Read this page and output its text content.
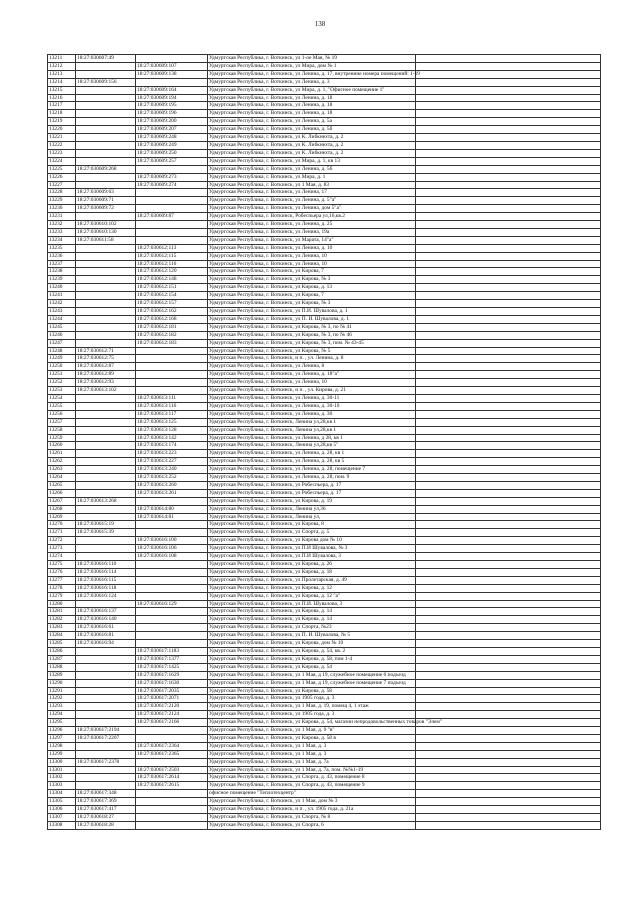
138
13211	18:27:030607:49		Удмуртская Республика, г. Воткинск, ул 1-ое Мая, № 19	
13212		18:27:030609:107	Удмуртская Республика, г. Воткинск, ул Мира, дом № 1	
13213		18:27:030609:138	Удмуртская Республика, г. Воткинск, ул Ленина, д. 17, внутренние номера помещений: 1-19	
13214	18:27:030609:156		Удмуртская Республика, г. Воткинск, ул Ленина, д. 3	
13215		18:27:030609:164	Удмуртская Республика, г. Воткинск, ул Мира, д. 1, "Офисное помещение 1"	
13216		18:27:030609:194	Удмуртская Республика, г. Воткинск, ул Ленина, д. 18	
13217		18:27:030609:195	Удмуртская Республика, г. Воткинск, ул Ленина, д. 18	
13218		18:27:030609:196	Удмуртская Республика, г. Воткинск, ул Ленина, д. 18	
13219		18:27:030609:200	Удмуртская Республика, г. Воткинск, ул Ленина, д. 5а	
13220		18:27:030609:207	Удмуртская Республика, г. Воткинск, ул Ленина, д. 5б	
13221		18:27:030609:248	Удмуртская Республика, г. Воткинск, ул К. Либкнехта, д. 2	
13222		18:27:030609:249	Удмуртская Республика, г. Воткинск, ул К. Либкнехта, д. 2	
13223		18:27:030609:250	Удмуртская Республика, г. Воткинск, ул К. Либкнехта, д. 2	
13224		18:27:030609:257	Удмуртская Республика, г. Воткинск, ул Мира, д. 1, кв 13	
13225	18:27:030609:268		Удмуртская Республика, г. Воткинск, ул Ленина, д. 5б	
13226		18:27:030609:273	Удмуртская Республика, г. Воткинск, ул Мира, д. 1	
13227		18:27:030609:274	Удмуртская Республика, г. Воткинск, ул 1 Мая, д. 83	
13228	18:27:030609:63		Удмуртская Республика, г. Воткинск, ул Ленина, 17	
13229	18:27:030609:71		Удмуртская Республика, г. Воткинск, ул Ленина, д. 5"а"	
13230	18:27:030609:72		Удмуртская Республика, г. Воткинск, ул Ленина, дом 5"а"	
13231		18:27:030609:87	Удмуртская Республика, г. Воткинск, Робеспьера ул,16,кв.2	
13232	18:27:030610:102		Удмуртская Республика, г. Воткинск, ул Ленина, д. 25	
13233	18:27:030610:130		Удмуртская Республика, г. Воткинск, ул Ленина, 19а	
13234	18:27:030611:58		Удмуртская Республика, г. Воткинск, ул Марата, 14"а"	
13235		18:27:030612:113	Удмуртская Республика, г. Воткинск, ул Ленина, д. 10	
13236		18:27:030612:115	Удмуртская Республика, г. Воткинск, ул Ленина, 10	
13237		18:27:030612:116	Удмуртская Республика, г. Воткинск, ул Ленина, 10	
13238		18:27:030612:120	Удмуртская Республика, г. Воткинск, ул Кирова, 7	
13239		18:27:030612:148	Удмуртская Республика, г. Воткинск, ул Кирова, № 3	
13240		18:27:030612:151	Удмуртская Республика, г. Воткинск, ул Кирова, д. 13	
13241		18:27:030612:154	Удмуртская Республика, г. Воткинск, ул Кирова, 7	
13242		18:27:030612:157	Удмуртская Республика, г. Воткинск, ул Кирова, № 3	
13243		18:27:030612:162	Удмуртская Республика, г. Воткинск, ул П.И. Шувалова, д. 1	
13244		18:27:030612:168	Удмуртская Республика, г. Воткинск, ул П. И. Шувалова, д. 1	
13245		18:27:030612:181	Удмуртская Республика, г. Воткинск, ул Кирова, № 3, по № 41	
13246		18:27:030612:182	Удмуртская Республика, г. Воткинск, ул Кирова, № 3, по № 46	
13247		18:27:030612:183	Удмуртская Республика, г. Воткинск, ул Кирова, № 3, пом. № 43-45	
13248	18:27:030612:71		Удмуртская Республика, г. Воткинск, ул Кирова, № 5	
13249	18:27:030612:75		Удмуртская Республика, г. Воткинск, и п. , ул. Ленина, д. 8	
13250	18:27:030612:87		Удмуртская Республика, г. Воткинск, ул Ленина, 8	
13251	18:27:030612:89		Удмуртская Республика, г. Воткинск, ул Ленина, д. 18"а"	
13252	18:27:030612:93		Удмуртская Республика, г. Воткинск, ул Ленина, 10	
13253	18:27:030613:102		Удмуртская Республика, г. Воткинск, и п. , ул. Кирова, д. 21	
13254		18:27:030613:111	Удмуртская Республика, г. Воткинск, ул Ленина, д. 30-11	
13255		18:27:030613:116	Удмуртская Республика, г. Воткинск, ул Ленина, д. 30-10	
13256		18:27:030613:117	Удмуртская Республика, г. Воткинск, ул Ленина, д. 30	
13257		18:27:030613:125	Удмуртская Республика, г. Воткинск, Ленина ул,28,кв 1	
13258		18:27:030613:128	Удмуртская Республика, г. Воткинск, Ленина ул,28,кв 1	
13259		18:27:030613:142	Удмуртская Республика, г. Воткинск, ул Ленина, д 28, кв 1	
13260		18:27:030613:174	Удмуртская Республика, г. Воткинск, Ленина ул,28,кв 5"	
13261		18:27:030613:223	Удмуртская Республика, г. Воткинск, ул Ленина, д. 28, кв 1	
13262		18:27:030613:227	Удмуртская Республика, г. Воткинск, ул Ленина, д. 28, кв 5	
13263		18:27:030613:240	Удмуртская Республика, г. Воткинск, ул Ленина, д. 28, помещение 7	
13264		18:27:030613:252	Удмуртская Республика, г. Воткинск, ул Ленина, д. 28, пом. 9	
13265		18:27:030613:260	Удмуртская Республика, г. Воткинск, ул Робеспьера, д. 17	
13266		18:27:030613:261	Удмуртская Республика, г. Воткинск, ул Робеспьера, д. 17	
13267	18:27:030613:268		Удмуртская Республика, г. Воткинск, ул Кирова, д. 19	
13268		18:27:030614:80	Удмуртская Республика, г. Воткинск, Ленина ул,36	
13269		18:27:030614:81	Удмуртская Республика, г. Воткинск, Ленина ул,	
13270	18:27:030615:19		Удмуртская Республика, г. Воткинск, ул Кирова, 8	
13271	18:27:030615:39		Удмуртская Республика, г. Воткинск, ул Спорта, д. 5	
13272		18:27:030616:100	Удмуртская Республика, г. Воткинск, ул Кирова дом № 10	
13273		18:27:030616:106	Удмуртская Республика, г. Воткинск, ул П.И Шувалова, № 3	
13274		18:27:030616:108	Удмуртская Республика, г. Воткинск, ул П.И Шувалова, 3	
13275	18:27:030616:110		Удмуртская Республика, г. Воткинск, ул Кирова, д. 26	
13276	18:27:030616:114		Удмуртская Республика, г. Воткинск, ул Кирова, д. 18	
13277	18:27:030616:115		Удмуртская Республика, г. Воткинск, ул Пролетарская, д. 49	
13278	18:27:030616:118		Удмуртская Республика, г. Воткинск, ул Кирова, д. 12	
13279	18:27:030616:124		Удмуртская Республика, г. Воткинск, ул Кирова, д. 12 "а"	
13280		18:27:030616:129	Удмуртская Республика, г. Воткинск, ул П.И. Шувалова, 3	
13281	18:27:030616:137		Удмуртская Республика, г. Воткинск, ул Кирова, д. 14	
13282	18:27:030616:140		Удмуртская Республика, г. Воткинск, ул Кирова, д. 14	
13283	18:27:030616:61		Удмуртская Республика, г. Воткинск, ул Спорта, №23	
13284	18:27:030616:81		Удмуртская Республика, г. Воткинск, ул П. И. Шувалова, № 5	
13285	18:27:030616:94		Удмуртская Республика, г. Воткинск, ул Кирова, дом № 10	
13286		18:27:030617:1183	Удмуртская Республика, г. Воткинск, ул Кирова, д. 54, кв. 2	
13287		18:27:030617:1377	Удмуртская Республика, г. Воткинск, ул Кирова, д. 58, пом 1-4	
13288		18:27:030617:1425	Удмуртская Республика, г. Воткинск, ул Кирова, д. 54	
13289		18:27:030617:1629	Удмуртская Республика, г. Воткинск, ул 1 Мая, д 19, служебное помещение 6 подъезд	
13290		18:27:030617:1630	Удмуртская Республика, г. Воткинск, ул 1 Мая, д 19, служебное помещение 7 подъезд	
13291		18:27:030617:2035	Удмуртская Республика, г. Воткинск, ул Кирова, д. 58	
13292		18:27:030617:2071	Удмуртская Республика, г. Воткинск, ул 1905 года, д. 3	
13293		18:27:030617:2120	Удмуртская Республика, г. Воткинск, ул 1 Мая, д. 19, помещ 4, 1 этаж	
13294		18:27:030617:2124	Удмуртская Республика, г. Воткинск, ул 1905 года, д. 3	
13295		18:27:030617:2166	Удмуртская Республика, г. Воткинск, ул Кирова, д. 54, магазин непродовольственных товаров "Элем"	
13296	18:27:030617:2194		Удмуртская Республика, г. Воткинск, ул 1 Мая, д. 9 "в"	
13297	18:27:030617:2207		Удмуртская Республика, г. Воткинск, ул Кирова, д. 58 в	
13298		18:27:030617:2364	Удмуртская Республика, г. Воткинск, ул 1 Мая, д. 3	
13299		18:27:030617:2365	Удмуртская Республика, г. Воткинск, ул 1 Мая, д. 3	
13300	18:27:030617:2378		Удмуртская Республика, г. Воткинск, ул 1 Мая, д. 7а	
13301		18:27:030617:2503	Удмуртская Республика, г. Воткинск, ул 1 Мая, д. 7а, пом. №№1-19	
13302		18:27:030617:2614	Удмуртская Республика, г. Воткинск, ул Спорта, д. 43, помещение 8	
13303		18:27:030617:2615	Удмуртская Республика, г. Воткинск, ул Спорта, д. 43, помещение 9	
13304	18:27:030617:348		офисное помещение "Теплотехцентр"	
13305	18:27:030617:369		Удмуртская Республика, г. Воткинск, ул 1 Мая, дом № 3	
13306	18:27:030617:417		Удмуртская Республика, г. Воткинск, и п. , ул. 1905 года, д. 21а	
13307	18:27:030618:27		Удмуртская Республика, г. Воткинск, ул Спорта, № 8	
13308	18:27:030618:28		Удмуртская Республика, г. Воткинск, ул Спорта, 6	
